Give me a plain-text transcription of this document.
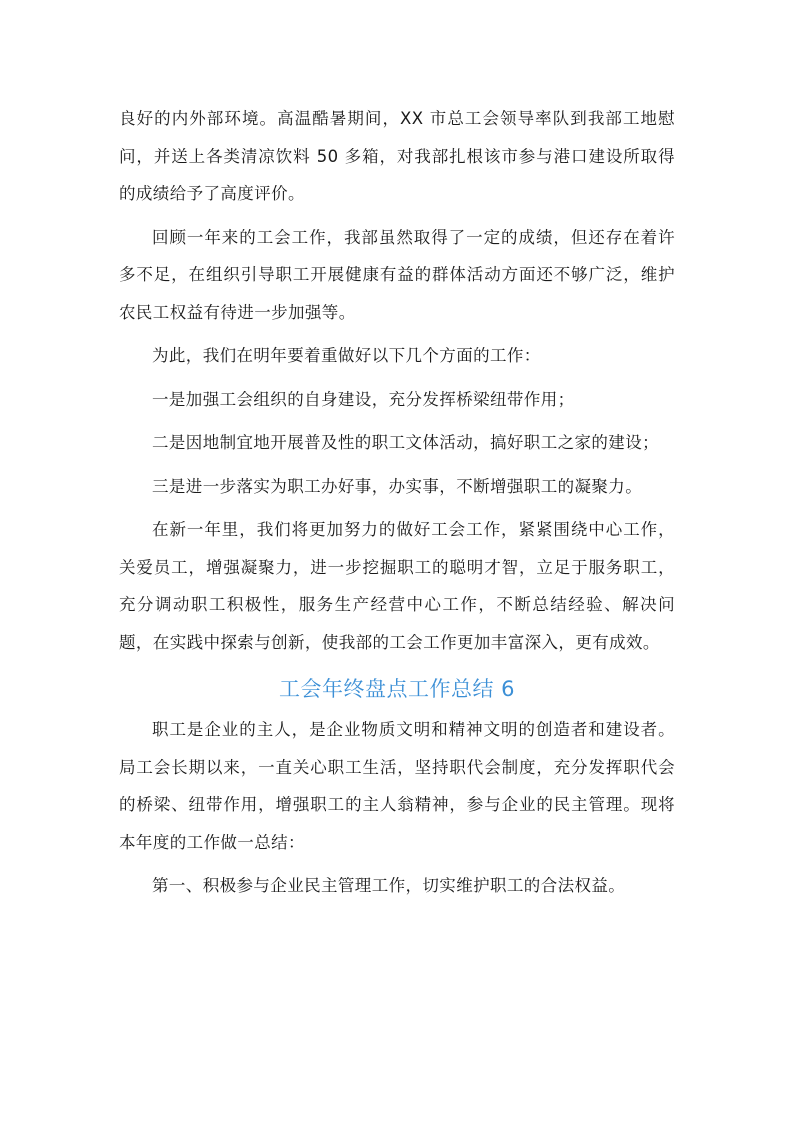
良好的内外部环境。高温酷暑期间，XX 市总工会领导率队到我部工地慰问，并送上各类清凉饮料 50 多箱，对我部扎根该市参与港口建设所取得的成绩给予了高度评价。

回顾一年来的工会工作，我部虽然取得了一定的成绩，但还存在着许多不足，在组织引导职工开展健康有益的群体活动方面还不够广泛，维护农民工权益有待进一步加强等。

为此，我们在明年要着重做好以下几个方面的工作：

一是加强工会组织的自身建设，充分发挥桥梁纽带作用；

二是因地制宜地开展普及性的职工文体活动，搞好职工之家的建设；

三是进一步落实为职工办好事，办实事，不断增强职工的凝聚力。

在新一年里，我们将更加努力的做好工会工作，紧紧围绕中心工作，关爱员工，增强凝聚力，进一步挖掘职工的聪明才智，立足于服务职工，充分调动职工积极性，服务生产经营中心工作，不断总结经验、解决问题，在实践中探索与创新，使我部的工会工作更加丰富深入，更有成效。

工会年终盘点工作总结 6

职工是企业的主人，是企业物质文明和精神文明的创造者和建设者。局工会长期以来，一直关心职工生活，坚持职代会制度，充分发挥职代会的桥梁、纽带作用，增强职工的主人翁精神，参与企业的民主管理。现将本年度的工作做一总结：

第一、积极参与企业民主管理工作，切实维护职工的合法权益。
